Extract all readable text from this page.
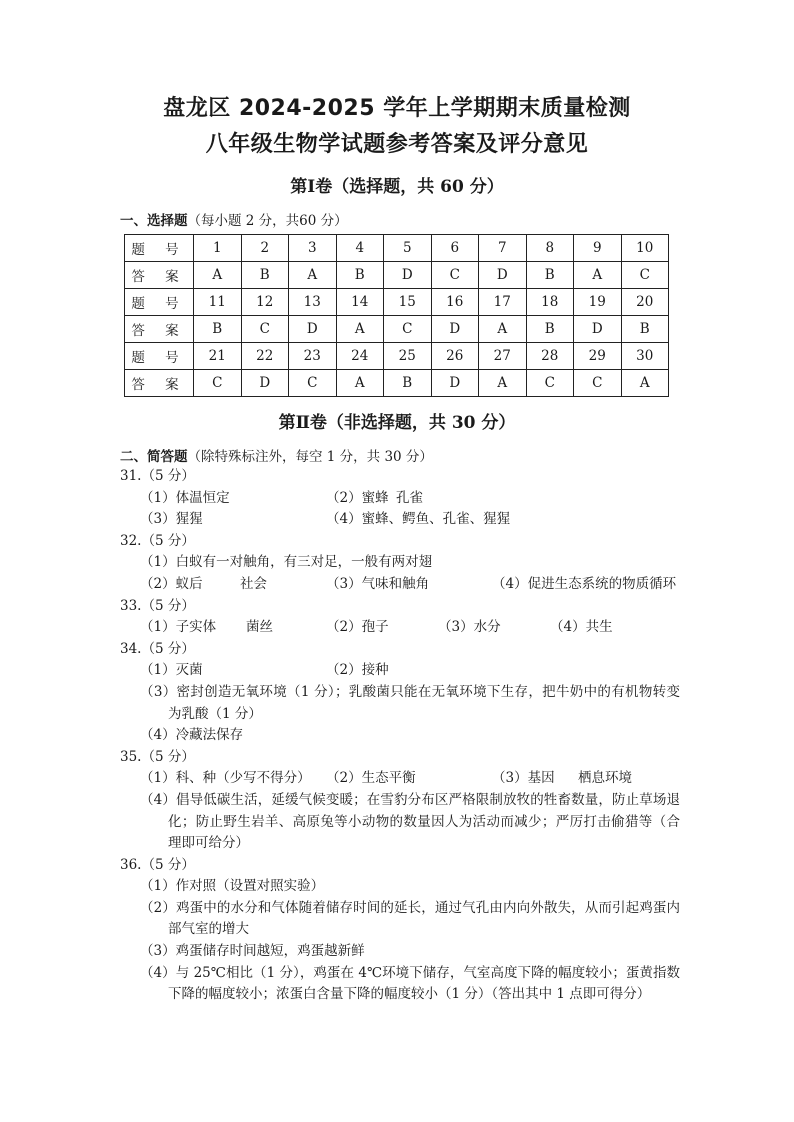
盘龙区 2024-2025 学年上学期期末质量检测
八年级生物学试题参考答案及评分意见
第Ⅰ卷（选择题，共 60 分）
一、选择题（每小题 2 分，共60 分）
题 号	1	2	3	4	5	6	7	8	9	10
答 案	A	B	A	B	D	C	D	B	A	C
题 号	11	12	13	14	15	16	17	18	19	20
答 案	B	C	D	A	C	D	A	B	D	B
题 号	21	22	23	24	25	26	27	28	29	30
答 案	C	D	C	A	B	D	A	C	C	A
第Ⅱ卷（非选择题，共 30 分）
二、简答题（除特殊标注外，每空 1 分，共 30 分）

31.（5 分）

（1）体温恒定	（2）蜜蜂 孔雀

（3）猩猩	（4）蜜蜂、鳄鱼、孔雀、猩猩

32.（5 分）

（1）白蚁有一对触角，有三对足，一般有两对翅

（2）蚁后	社会	（3）气味和触角	（4）促进生态系统的物质循环

33.（5 分）

（1）子实体 菌丝	（2）孢子	（3）水分	（4）共生

34.（5 分）

（1）灭菌	（2）接种

（3）密封创造无氧环境（1 分）；乳酸菌只能在无氧环境下生存，把牛奶中的有机物转变为乳酸（1 分）

（4）冷藏法保存

35.（5 分）

（1）科、种（少写不得分） （2）生态平衡	（3）基因 栖息环境

（4）倡导低碳生活，延缓气候变暖；在雪豹分布区严格限制放牧的牲畜数量，防止草场退化；防止野生岩羊、高原兔等小动物的数量因人为活动而减少；严厉打击偷猎等（合理即可给分）

36.（5 分）

（1）作对照（设置对照实验）

（2）鸡蛋中的水分和气体随着储存时间的延长，通过气孔由内向外散失，从而引起鸡蛋内部气室的增大

（3）鸡蛋储存时间越短，鸡蛋越新鲜

（4）与 25℃相比（1 分），鸡蛋在 4℃环境下储存，气室高度下降的幅度较小；蛋黄指数下降的幅度较小；浓蛋白含量下降的幅度较小（1 分）（答出其中 1 点即可得分）
